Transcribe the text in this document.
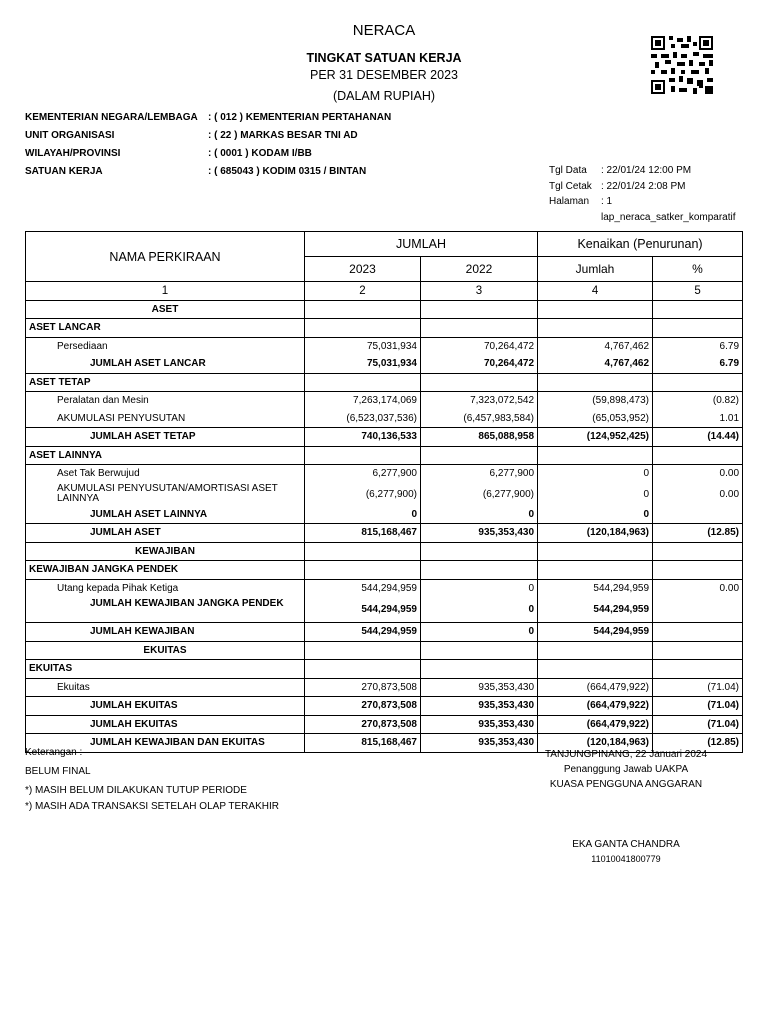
NERACA
TINGKAT SATUAN KERJA
PER 31 DESEMBER 2023
(DALAM RUPIAH)
KEMENTERIAN NEGARA/LEMBAGA : ( 012 ) KEMENTERIAN PERTAHANAN
UNIT ORGANISASI	: ( 22 ) MARKAS BESAR TNI AD
WILAYAH/PROVINSI	: ( 0001 ) KODAM I/BB
SATUAN KERJA	: ( 685043 ) KODIM 0315 / BINTAN	Tgl Data : 22/01/24 12:00 PM
Tgl Cetak : 22/01/24 2:08 PM
Halaman : 1
lap_neraca_satker_komparatif
NAMA PERKIRAAN	JUMLAH		Kenaikan (Penurunan)	
	2023	2022	Jumlah	%
1	2	3	4	5
ASET				
ASET LANCAR				
Persediaan	75,031,934	70,264,472	4,767,462	6.79
JUMLAH ASET LANCAR	75,031,934	70,264,472	4,767,462	6.79
ASET TETAP				
Peralatan dan Mesin	7,263,174,069	7,323,072,542	(59,898,473)	(0.82)
AKUMULASI PENYUSUTAN	(6,523,037,536)	(6,457,983,584)	(65,053,952)	1.01
JUMLAH ASET TETAP	740,136,533	865,088,958	(124,952,425)	(14.44)
ASET LAINNYA				
Aset Tak Berwujud	6,277,900	6,277,900	0	0.00
AKUMULASI PENYUSUTAN/AMORTISASI ASET LAINNYA	(6,277,900)	(6,277,900)	0	0.00
JUMLAH ASET LAINNYA	0	0	0	
JUMLAH ASET	815,168,467	935,353,430	(120,184,963)	(12.85)
KEWAJIBAN				
KEWAJIBAN JANGKA PENDEK				
Utang kepada Pihak Ketiga	544,294,959	0	544,294,959	0.00
JUMLAH KEWAJIBAN JANGKA PENDEK	544,294,959	0	544,294,959	
JUMLAH KEWAJIBAN	544,294,959	0	544,294,959	
EKUITAS				
EKUITAS				
Ekuitas	270,873,508	935,353,430	(664,479,922)	(71.04)
JUMLAH EKUITAS	270,873,508	935,353,430	(664,479,922)	(71.04)
JUMLAH EKUITAS	270,873,508	935,353,430	(664,479,922)	(71.04)
JUMLAH KEWAJIBAN DAN EKUITAS	815,168,467	935,353,430	(120,184,963)	(12.85)
Keterangan :
BELUM FINAL
*) MASIH BELUM DILAKUKAN TUTUP PERIODE
*) MASIH ADA TRANSAKSI SETELAH OLAP TERAKHIR
TANJUNGPINANG, 22 Januari 2024
Penanggung Jawab UAKPA
KUASA PENGGUNA ANGGARAN
EKA GANTA CHANDRA
11010041800779
